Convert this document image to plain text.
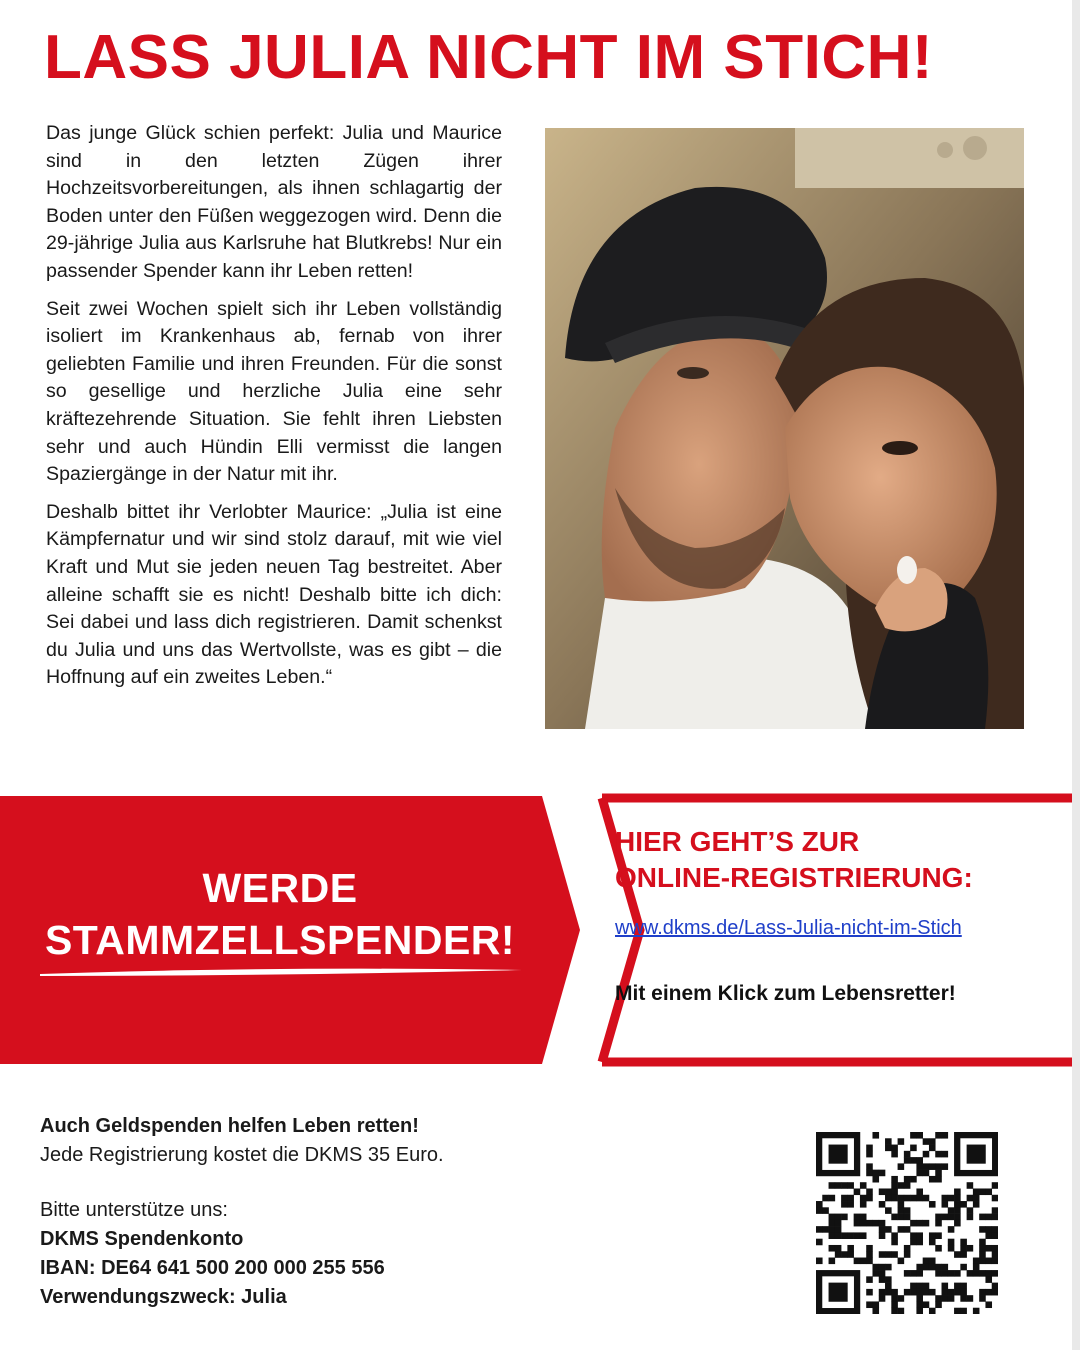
LASS JULIA NICHT IM STICH!

Das junge Glück schien perfekt: Julia und Maurice sind in den letzten Zügen ihrer Hochzeitsvorbereitungen, als ihnen schlagartig der Boden unter den Füßen weggezogen wird. Denn die 29-jährige Julia aus Karlsruhe hat Blutkrebs! Nur ein passender Spender kann ihr Leben retten!

Seit zwei Wochen spielt sich ihr Leben vollständig isoliert im Krankenhaus ab, fernab von ihrer geliebten Familie und ihren Freunden. Für die sonst so gesellige und herzliche Julia eine sehr kräftezehrende Situation. Sie fehlt ihren Liebsten sehr und auch Hündin Elli vermisst die langen Spaziergänge in der Natur mit ihr.

Deshalb bittet ihr Verlobter Maurice: „Julia ist eine Kämpfernatur und wir sind stolz darauf, mit wie viel Kraft und Mut sie jeden neuen Tag bestreitet. Aber alleine schafft sie es nicht! Deshalb bitte ich dich: Sei dabei und lass dich registrieren. Damit schenkst du Julia und uns das Wertvollste, was es gibt – die Hoffnung auf ein zweites Leben.“

WERDE
STAMMZELLSPENDER!
HIER GEHT’S ZUR
ONLINE-REGISTRIERUNG:
www.dkms.de/Lass-Julia-nicht-im-Stich
Mit einem Klick zum Lebensretter!
Auch Geldspenden helfen Leben retten!
Jede Registrierung kostet die DKMS 35 Euro.
Bitte unterstütze uns:
DKMS Spendenkonto
IBAN: DE64 641 500 200 000 255 556
Verwendungszweck: Julia
